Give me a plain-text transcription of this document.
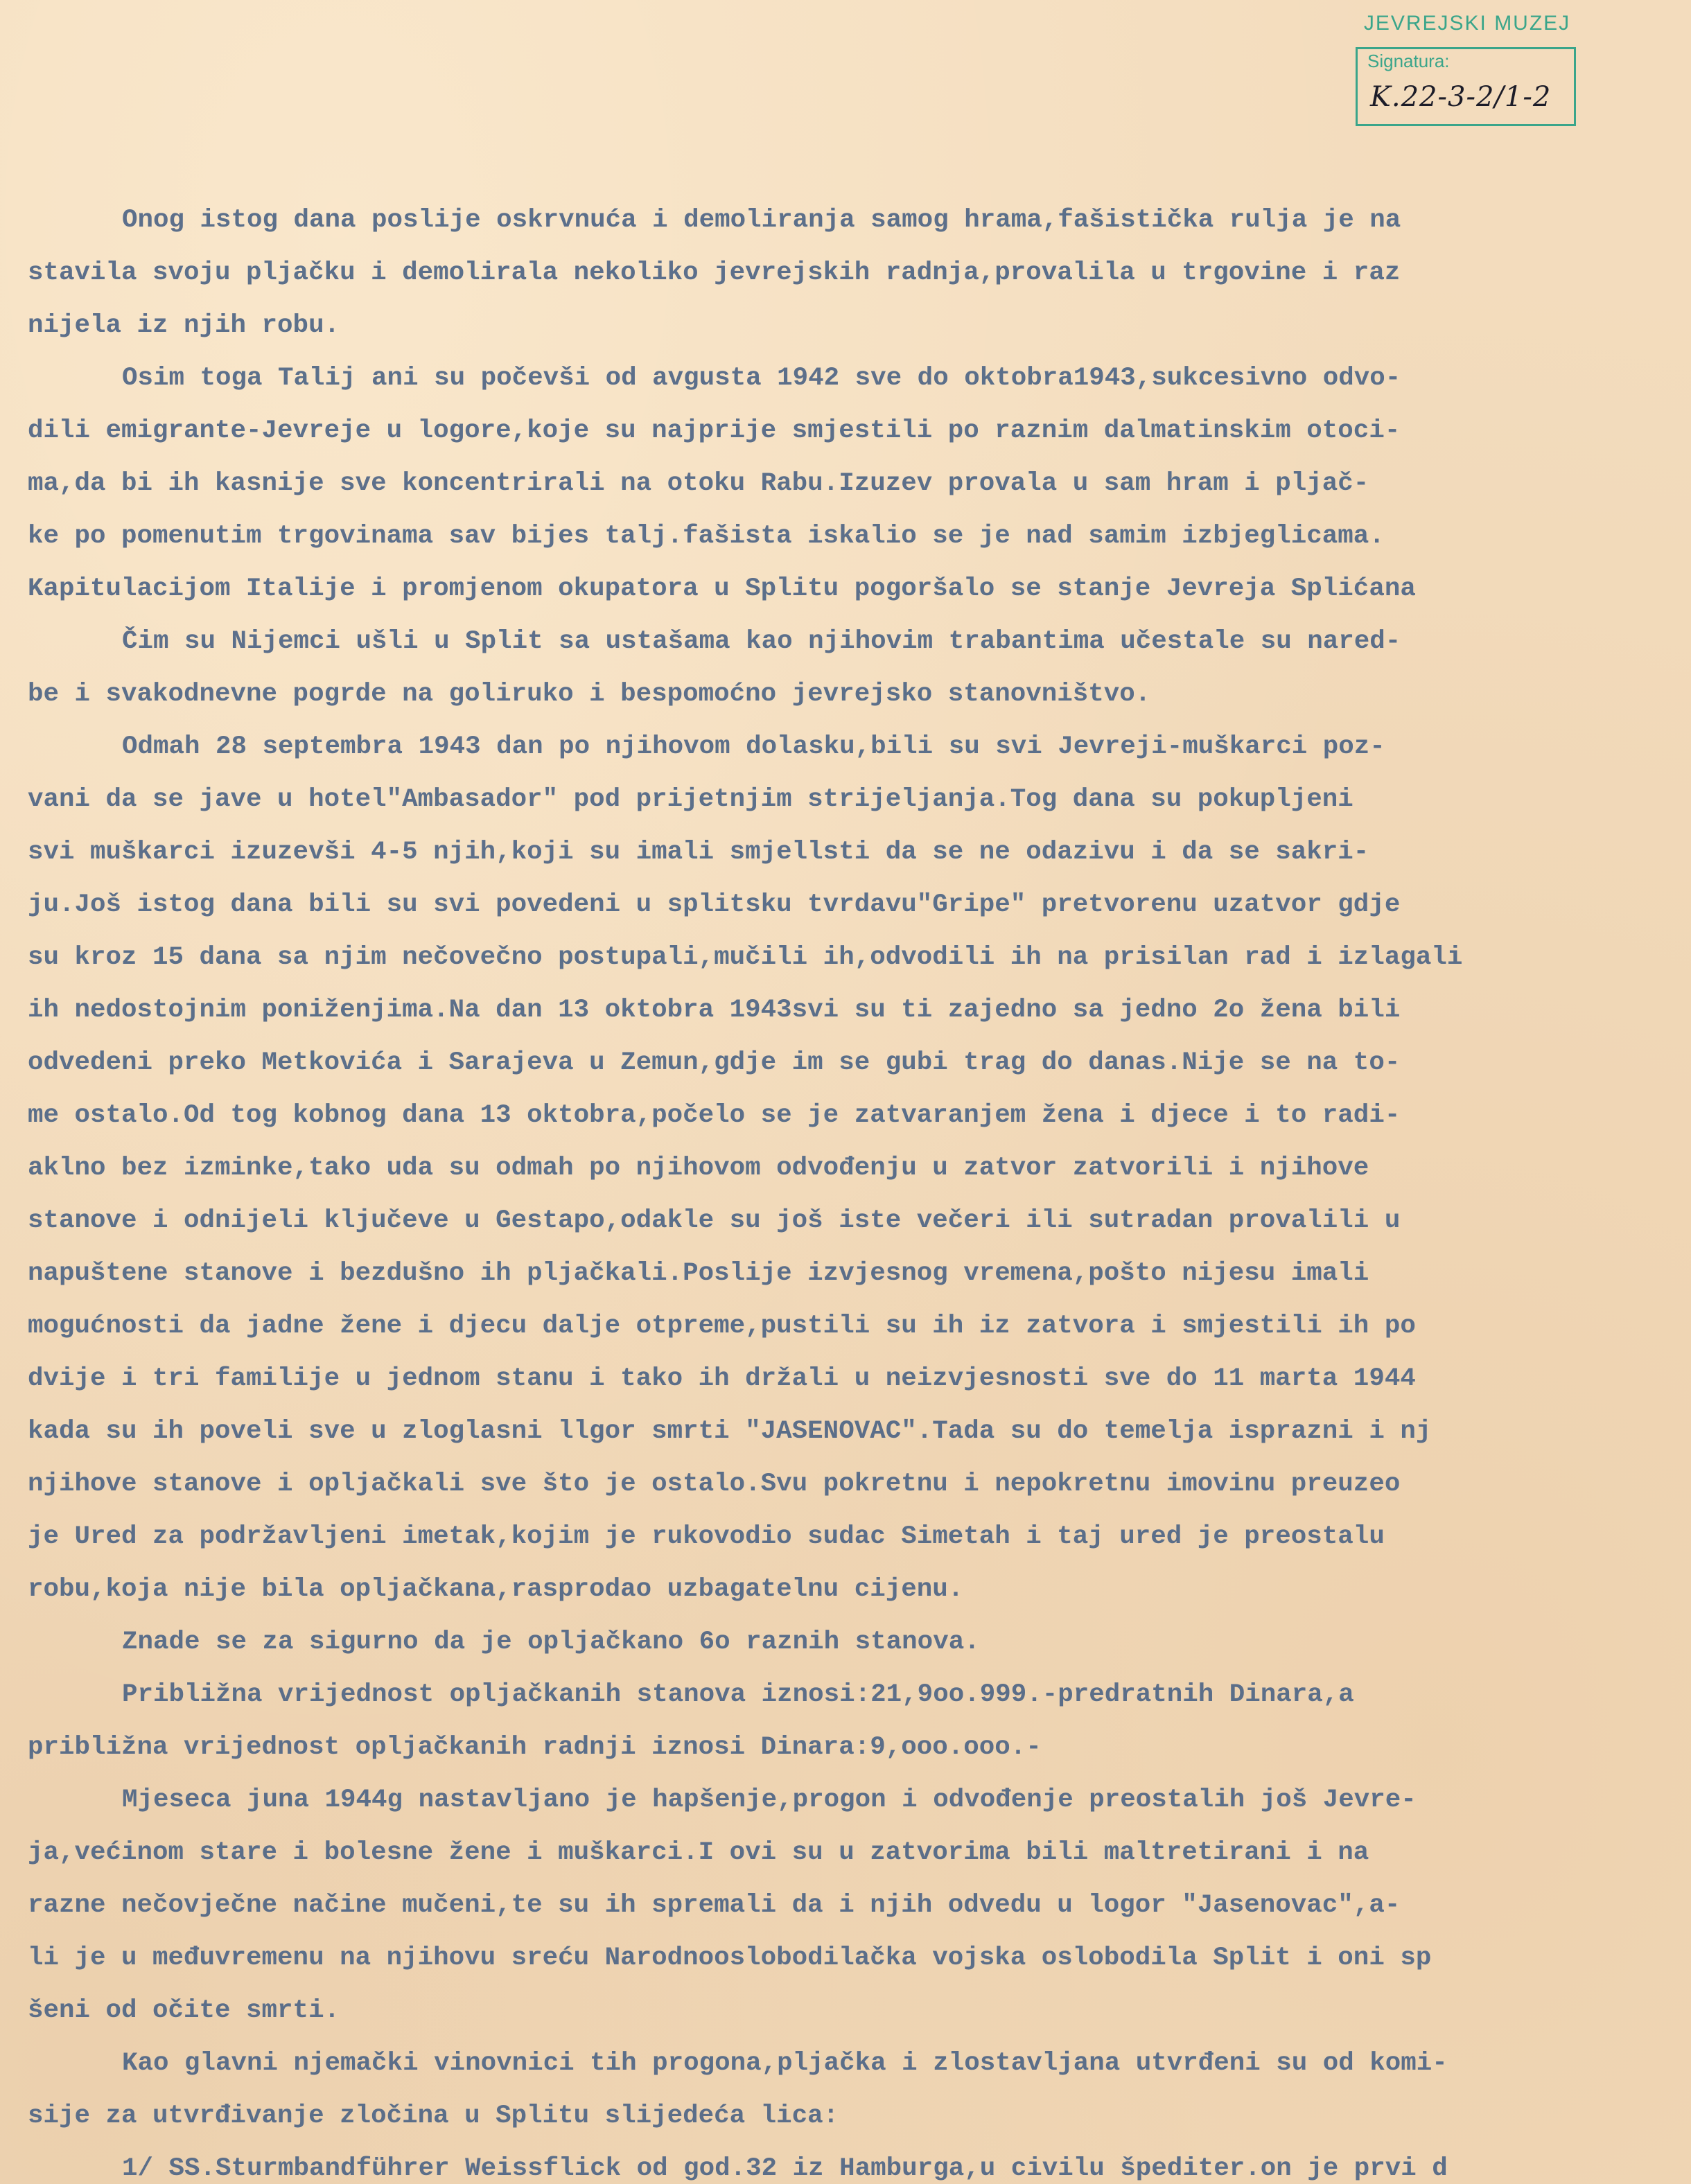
JEVREJSKI MUZEJ
Signatura:
K.22-3-2/1-2
Onog istog dana poslije oskrvnuća i demoliranja samog hrama,fašistička rulja je na
stavila svoju pljačku i demolirala nekoliko jevrejskih radnja,provalila u trgovine i raz
nijela iz njih robu.
Osim toga Talij ani su počevši od avgusta 1942 sve do oktobra1943,sukcesivno odvo-
dili emigrante-Jevreje u logore,koje su najprije smjestili po raznim dalmatinskim otoci-
ma,da bi ih kasnije sve koncentrirali na otoku Rabu.Izuzev provala u sam hram i pljač-
ke po pomenutim trgovinama sav bijes talj.fašista iskalio se je nad samim izbjeglicama.
Kapitulacijom Italije i promjenom okupatora u Splitu pogoršalo se stanje Jevreja Splićana
Čim su Nijemci ušli u Split sa ustašama kao njihovim trabantima učestale su nared-
be i svakodnevne pogrde na goliruko i bespomoćno jevrejsko stanovništvo.
Odmah 28 septembra 1943 dan po njihovom dolasku,bili su svi Jevreji-muškarci poz-
vani da se jave u hotel"Ambasador" pod prijetnjim strijeljanja.Tog dana su pokupljeni
svi muškarci izuzevši 4-5 njih,koji su imali smjellsti da se ne odazivu i da se sakri-
ju.Još istog dana bili su svi povedeni u splitsku tvrdavu"Gripe" pretvorenu uzatvor gdje
su kroz 15 dana sa njim nečovečno postupali,mučili ih,odvodili ih na prisilan rad i izlagali
ih nedostojnim poniženjima.Na dan 13 oktobra 1943svi su ti zajedno sa jedno 2o žena bili
odvedeni preko Metkovića i Sarajeva u Zemun,gdje im se gubi trag do danas.Nije se na to-
me ostalo.Od tog kobnog dana 13 oktobra,počelo se je zatvaranjem žena i djece i to radi-
aklno bez izminke,tako uda su odmah po njihovom odvođenju u zatvor zatvorili i njihove
stanove i odnijeli ključeve u Gestapo,odakle su još iste večeri ili sutradan provalili u
napuštene stanove i bezdušno ih pljačkali.Poslije izvjesnog vremena,pošto nijesu imali
mogućnosti da jadne žene i djecu dalje otpreme,pustili su ih iz zatvora i smjestili ih po
dvije i tri familije u jednom stanu i tako ih držali u neizvjesnosti sve do 11 marta 1944
kada su ih poveli sve u zloglasni llgor smrti "JASENOVAC".Tada su do temelja isprazni i nj
njihove stanove i opljačkali sve što je ostalo.Svu pokretnu i nepokretnu imovinu preuzeo
je Ured za podržavljeni imetak,kojim je rukovodio sudac Simetah i taj ured je preostalu
robu,koja nije bila opljačkana,rasprodao uzbagatelnu cijenu.
Znade se za sigurno da je opljačkano 6o raznih stanova.
Približna vrijednost opljačkanih stanova iznosi:21,9oo.999.-predratnih Dinara,a
približna vrijednost opljačkanih radnji iznosi Dinara:9,ooo.ooo.-
Mjeseca juna 1944g nastavljano je hapšenje,progon i odvođenje preostalih još Jevre-
ja,većinom stare i bolesne žene i muškarci.I ovi su u zatvorima bili maltretirani i na
razne nečovječne načine mučeni,te su ih spremali da i njih odvedu u logor "Jasenovac",a-
li je u međuvremenu na njihovu sreću Narodnooslobodilačka vojska oslobodila Split i oni sp
šeni od očite smrti.
Kao glavni njemački vinovnici tih progona,pljačka i zlostavljana utvrđeni su od komi-
sije za utvrđivanje zločina u Splitu slijedeća lica:
1/ SS.Sturmbandführer Weissflick od god.32 iz Hamburga,u civilu špediter.on je prvi d
